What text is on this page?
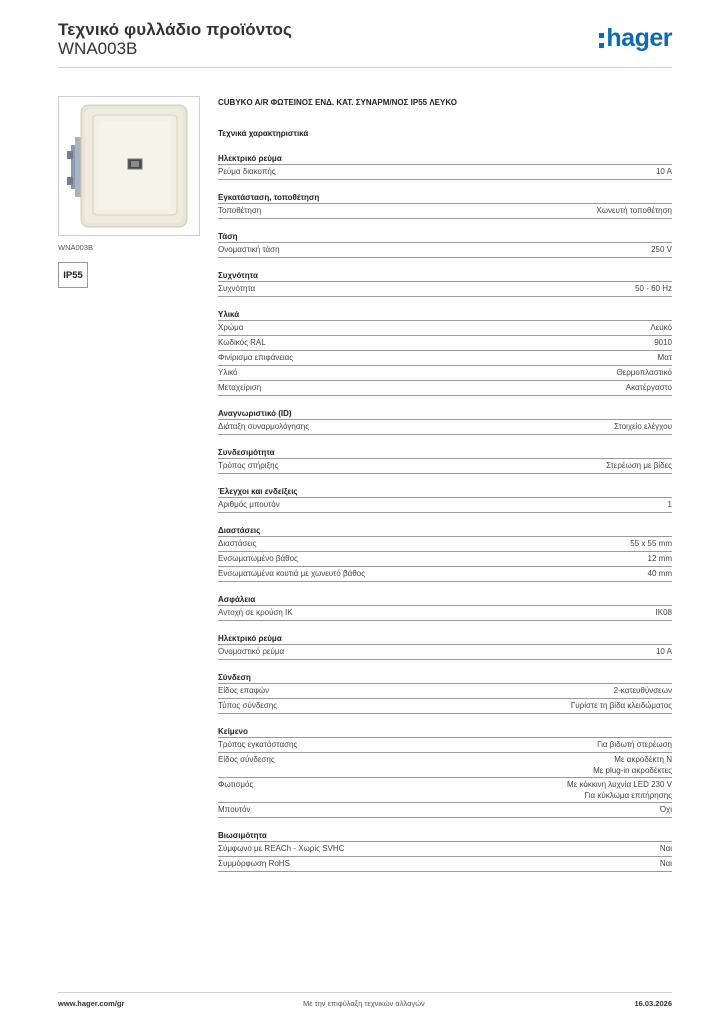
Τεχνικό φυλλάδιο προϊόντος
WNA003B	hager
WNA003B
IP55
CUBYKO A/R ΦΩΤΕΙΝΟΣ ΕΝΔ. ΚΑΤ. ΣΥΝΑΡΜ/ΝΟΣ IP55 ΛΕΥΚΟ
Τεχνικά χαρακτηριστικά
Ηλεκτρικό ρεύμα
Ρεύμα διακοπής	10 A
Εγκατάσταση, τοποθέτηση
Τοποθέτηση	Χωνευτή τοποθέτηση
Τάση
Ονομαστική τάση	250 V
Συχνότητα
Συχνότητα	50 - 60 Hz
Υλικά
Χρώμα	Λευκό
Κωδικός RAL	9010
Φινίρισμα επιφάνειας	Ματ
Υλικό	Θερμοπλαστικό
Μεταχείριση	Ακατέργαστο
Αναγνωριστικό (ID)
Διάταξη συναρμολόγησης	Στοιχείο ελέγχου
Συνδεσιμότητα
Τρόπος στήριξης	Στερέωση με βίδες
Έλεγχοι και ενδείξεις
Αριθμός μπουτόν	1
Διαστάσεις
Διαστάσεις	55 x 55 mm
Ενσωματωμένο βάθος	12 mm
Ενσωματωμένα κουτιά με χωνευτό βάθος	40 mm
Ασφάλεια
Αντοχή σε κρούση ΙΚ	IK08
Ηλεκτρικό ρεύμα
Ονομαστικό ρεύμα	10 A
Σύνδεση
Είδος επαφών	2-κατευθύνσεων
Τύπος σύνδεσης	Γυρίστε τη βίδα κλειδώματος
Κείμενο
Τρόπος εγκατάστασης	Για βιδωτή στερέωση
Είδος σύνδεσης	Με ακροδέκτη N
Με plug-in ακροδέκτες
Φωτισμός	Με κόκκινη λυχνία LED 230 V
Για κύκλωμα επιτήρησης
Μπουτόν	Όχι
Βιωσιμότητα
Σύμφωνο με REACh - Χωρίς SVHC	Ναι
Συμμόρφωση RoHS	Ναι
www.hager.com/gr	Με την επιφύλαξη τεχνικών αλλαγών	16.03.2026
